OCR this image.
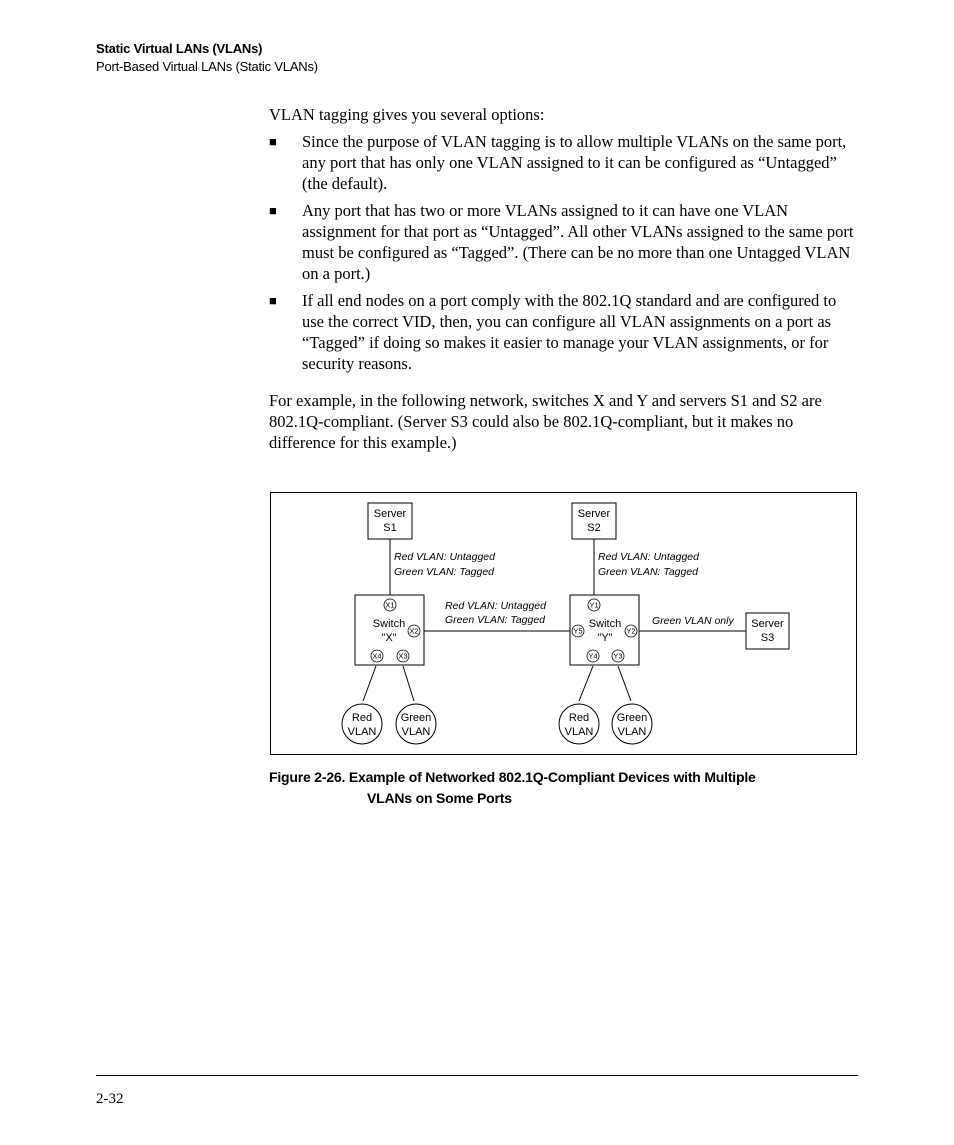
Static Virtual LANs (VLANs)
Port-Based Virtual LANs (Static VLANs)
VLAN tagging gives you several options:
■ Since the purpose of VLAN tagging is to allow multiple VLANs on the same port, any port that has only one VLAN assigned to it can be configured as “Untagged” (the default).
■ Any port that has two or more VLANs assigned to it can have one VLAN assignment for that port as “Untagged”. All other VLANs assigned to the same port must be configured as “Tagged”. (There can be no more than one Untagged VLAN on a port.)
■ If all end nodes on a port comply with the 802.1Q standard and are configured to use the correct VID, then, you can configure all VLAN assignments on a port as “Tagged” if doing so makes it easier to manage your VLAN assignments, or for security reasons.
For example, in the following network, switches X and Y and servers S1 and S2 are 802.1Q-compliant. (Server S3 could also be 802.1Q-compliant, but it makes no difference for this example.)
Server
S1
Server
S2
Server
S3
Red VLAN: Untagged
Green VLAN: Tagged
Red VLAN: Untagged
Green VLAN: Tagged
Red VLAN: Untagged
Green VLAN: Tagged	Green VLAN only
Switch
"X"
X1
X2
X3
X4
Switch
"Y"
Y1
Y2
Y3
Y4
Y5
Red
VLAN
Green
VLAN
Red
VLAN
Green
VLAN
Figure 2-26. Example of Networked 802.1Q-Compliant Devices with Multiple
VLANs on Some Ports
2-32
